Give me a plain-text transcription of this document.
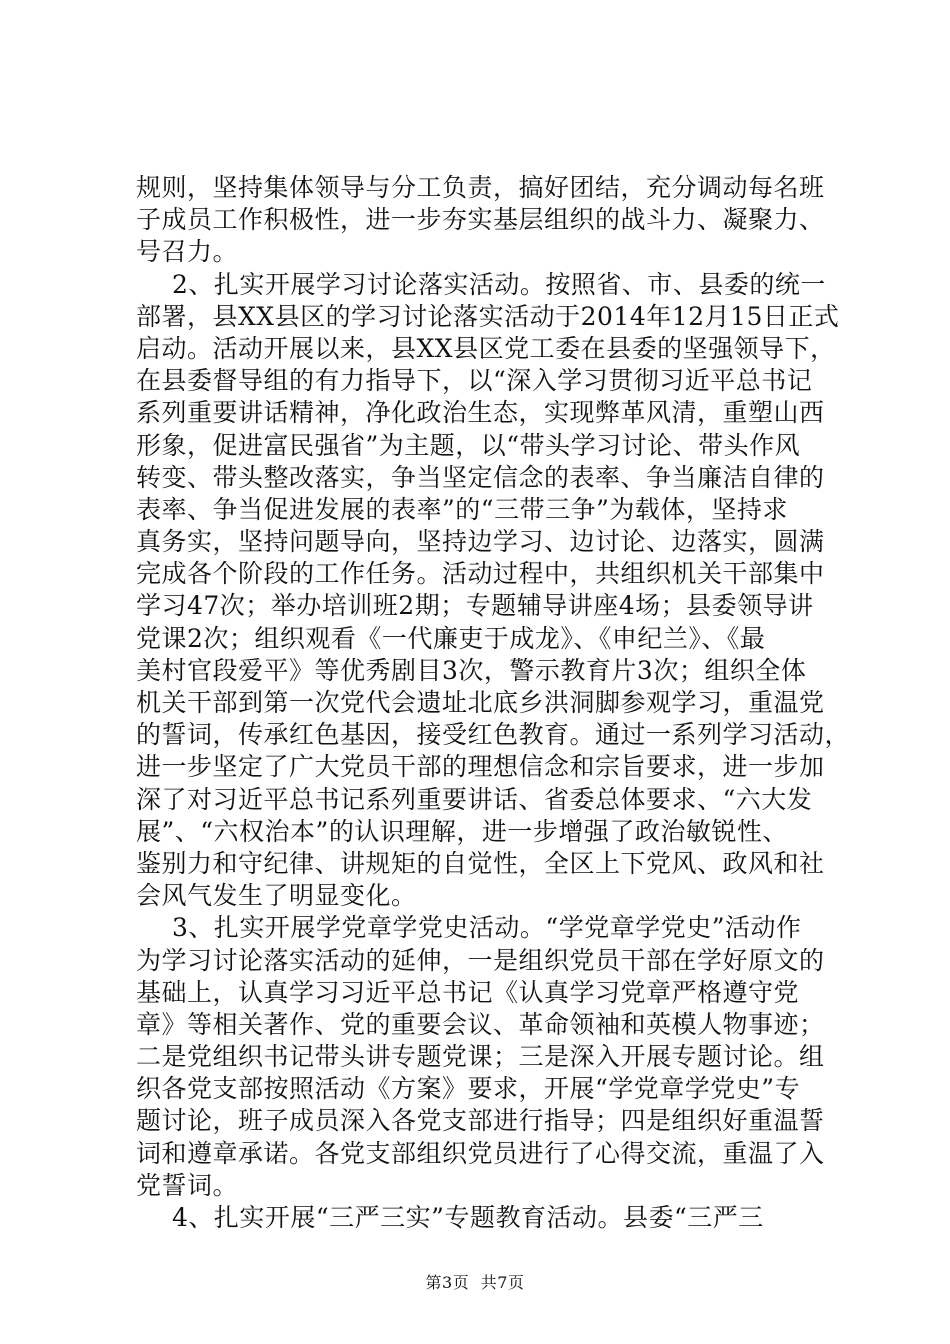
规则，坚持集体领导与分工负责，搞好团结，充分调动每名班
子成员工作积极性，进一步夯实基层组织的战斗力、凝聚力、
号召力。
2、扎实开展学习讨论落实活动。按照省、市、县委的统一
部署，县XX县区的学习讨论落实活动于2014年12月15日正式
启动。活动开展以来，县XX县区党工委在县委的坚强领导下，
在县委督导组的有力指导下，以“深入学习贯彻习近平总书记
系列重要讲话精神，净化政治生态，实现弊革风清，重塑山西
形象，促进富民强省”为主题，以“带头学习讨论、带头作风
转变、带头整改落实，争当坚定信念的表率、争当廉洁自律的
表率、争当促进发展的表率”的“三带三争”为载体，坚持求
真务实，坚持问题导向，坚持边学习、边讨论、边落实，圆满
完成各个阶段的工作任务。活动过程中，共组织机关干部集中
学习47次；举办培训班2期；专题辅导讲座4场；县委领导讲
党课2次；组织观看《一代廉吏于成龙》、《申纪兰》、《最
美村官段爱平》等优秀剧目3次，警示教育片3次；组织全体
机关干部到第一次党代会遗址北底乡洪洞脚参观学习，重温党
的誓词，传承红色基因，接受红色教育。通过一系列学习活动，
进一步坚定了广大党员干部的理想信念和宗旨要求，进一步加
深了对习近平总书记系列重要讲话、省委总体要求、“六大发
展”、“六权治本”的认识理解，进一步增强了政治敏锐性、
鉴别力和守纪律、讲规矩的自觉性，全区上下党风、政风和社
会风气发生了明显变化。
3、扎实开展学党章学党史活动。“学党章学党史”活动作
为学习讨论落实活动的延伸，一是组织党员干部在学好原文的
基础上，认真学习习近平总书记《认真学习党章严格遵守党
章》等相关著作、党的重要会议、革命领袖和英模人物事迹；
二是党组织书记带头讲专题党课；三是深入开展专题讨论。组
织各党支部按照活动《方案》要求，开展“学党章学党史”专
题讨论，班子成员深入各党支部进行指导；四是组织好重温誓
词和遵章承诺。各党支部组织党员进行了心得交流，重温了入
党誓词。
4、扎实开展“三严三实”专题教育活动。县委“三严三
第3页 共7页
